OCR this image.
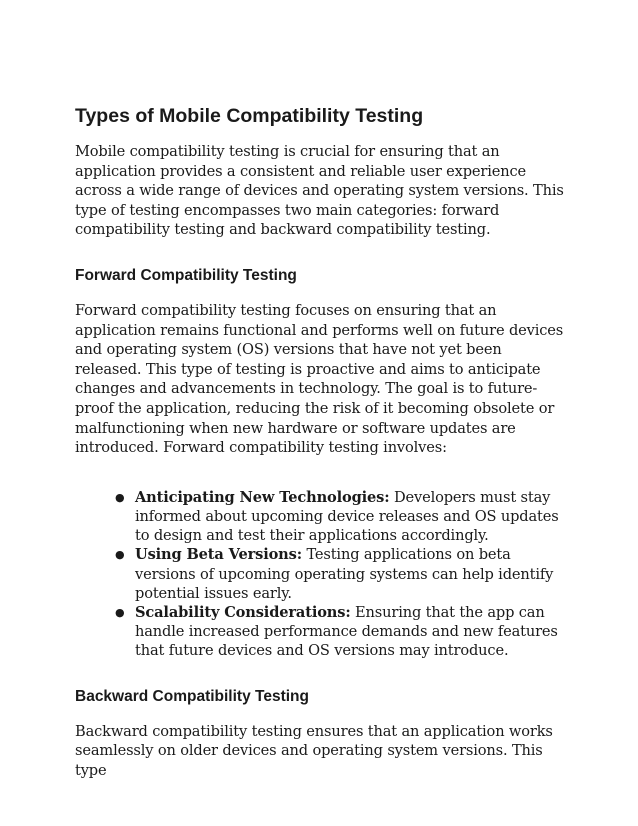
Types of Mobile Compatibility Testing

Mobile compatibility testing is crucial for ensuring that an application provides a consistent and reliable user experience across a wide range of devices and operating system versions. This type of testing encompasses two main categories: forward compatibility testing and backward compatibility testing.

Forward Compatibility Testing

Forward compatibility testing focuses on ensuring that an application remains functional and performs well on future devices and operating system (OS) versions that have not yet been released. This type of testing is proactive and aims to anticipate changes and advancements in technology. The goal is to future-proof the application, reducing the risk of it becoming obsolete or malfunctioning when new hardware or software updates are introduced. Forward compatibility testing involves:

● Anticipating New Technologies: Developers must stay informed about upcoming device releases and OS updates to design and test their applications accordingly.
● Using Beta Versions: Testing applications on beta versions of upcoming operating systems can help identify potential issues early.
● Scalability Considerations: Ensuring that the app can handle increased performance demands and new features that future devices and OS versions may introduce.
Backward Compatibility Testing

Backward compatibility testing ensures that an application works seamlessly on older devices and operating system versions. This type
